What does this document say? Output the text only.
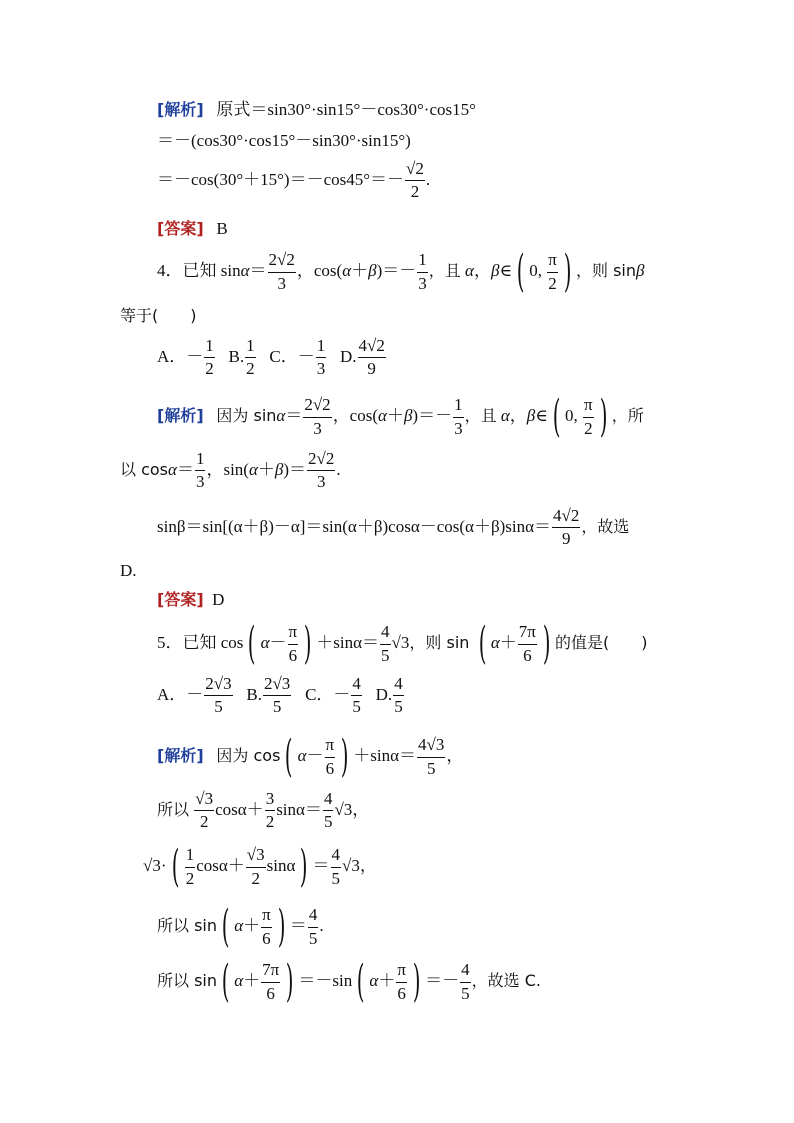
[解析] 原式＝sin30°·sin15°－cos30°·cos15°
＝－(cos30°·cos15°－sin30°·sin15°)
$=-\cos(30^\circ+15^\circ)=-\cos 45^\circ=- \frac{√2}{2}$ .
[答案] B
4．已知 $\sin\alpha= \frac{2√2}{3}$ ，$\cos(\alpha+\beta)=- \frac{1}{3}$ ，且 α，β∈ ( 0, $\frac{\pi}{2}$ ) ，则 sinβ
等于(　　)
A．－ $\frac{1}{2} B$. $\frac{1}{2}$ C．－ $\frac{1}{3} D$. $\frac{4√2}{9}$
[解析] 因为 $\sin\alpha= \frac{2√2}{3}$ ，$\cos(\alpha+\beta)=- \frac{1}{3}$ ，且 α，β∈ ( 0, $\frac{\pi}{2}$ ) ，所
以 $\cos\alpha= \frac{1}{3}$ ，$\sin(\alpha+\beta)= \frac{2√2}{3}$ .
$\sin\beta=\sin[(\alpha+\beta)-\alpha]=\sin(\alpha+\beta)\cos\alpha-\cos(\alpha+\beta)\sin\alpha= \frac{4√2}{9}$ ，故选
D.
[答案] D
5．已知 cos ( $\alpha- \frac{\pi}{6}$ ) $+\sin\alpha= \frac{4}{5} √3$，则 sin ( $\alpha+ \frac{7\pi}{6}$ ) 的值是(　　)
A．－ $\frac{2√3}{5} B$. $\frac{2√3}{5}$ C．－ $\frac{4}{5} D$. $\frac{4}{5}$
[解析] 因为 cos ( $\alpha- \frac{\pi}{6}$ ) $+\sin\alpha= \frac{4√3}{5}$ ，
所以 $\frac{√3}{2} \cos\alpha+ \frac{3}{2} \sin\alpha= \frac{4}{5} √3$，
√3· ( $\frac{1}{2} \cos\alpha+ \frac{√3}{2}$ sinα ) ＝ $\frac{4}{5} √3$，
所以 sin ( $\alpha+ \frac{\pi}{6}$ ) ＝ $\frac{4}{5}$ .
所以 sin ( $\alpha+ \frac{7\pi}{6}$ ) ＝－sin ( $\alpha+ \frac{\pi}{6}$ ) ＝－ $\frac{4}{5}$ ，故选 C.
